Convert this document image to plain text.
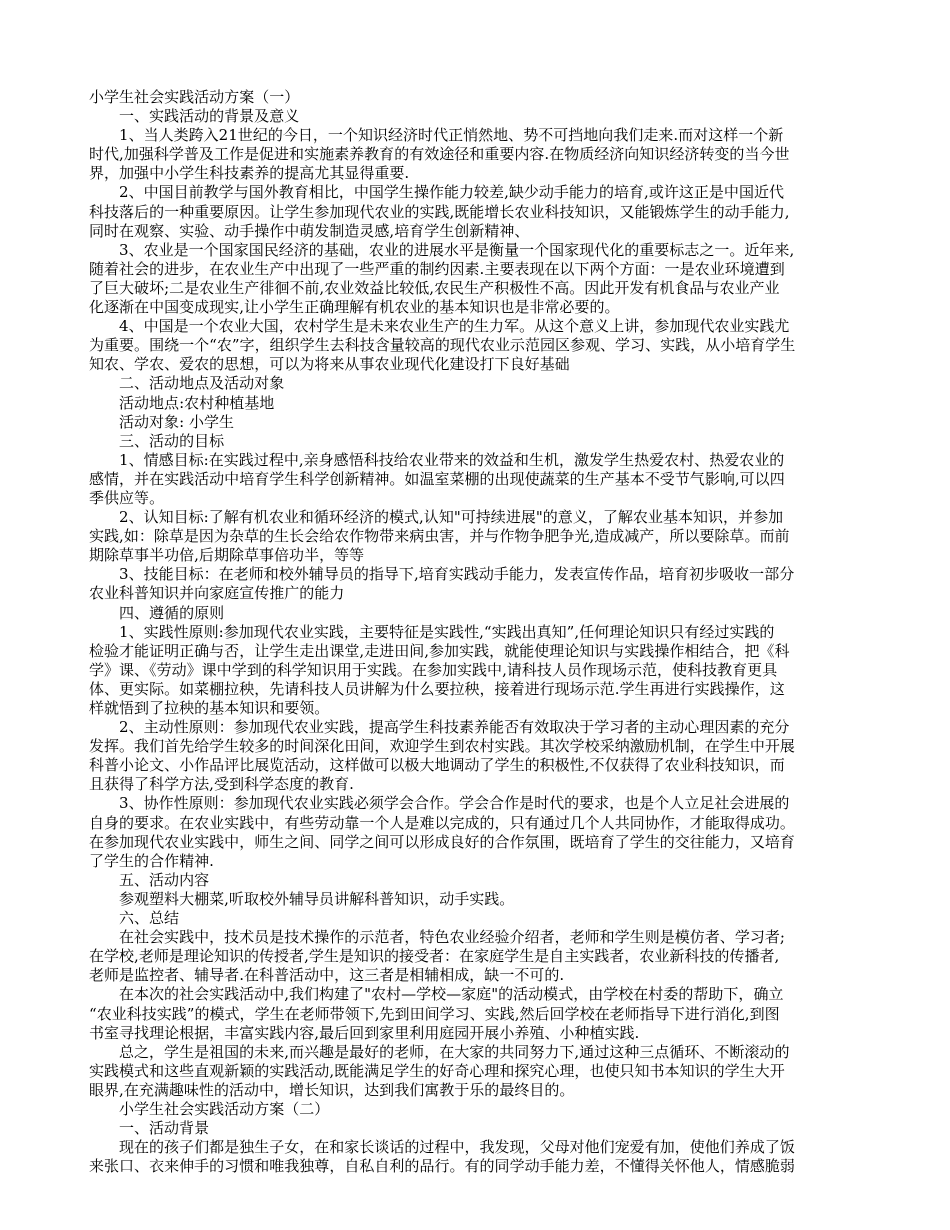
小学生社会实践活动方案（一）
一、实践活动的背景及意义
1、当人类跨入21世纪的今日，一个知识经济时代正悄然地、势不可挡地向我们走来.而对这样一个新
时代,加强科学普及工作是促进和实施素养教育的有效途径和重要内容.在物质经济向知识经济转变的当今世
界，加强中小学生科技素养的提高尤其显得重要.
2、中国目前教学与国外教育相比，中国学生操作能力较差,缺少动手能力的培育,或许这正是中国近代
科技落后的一种重要原因。让学生参加现代农业的实践,既能增长农业科技知识，又能锻炼学生的动手能力,
同时在观察、实验、动手操作中萌发制造灵感,培育学生创新精神、
3、农业是一个国家国民经济的基础，农业的进展水平是衡量一个国家现代化的重要标志之一。近年来,
随着社会的进步，在农业生产中出现了一些严重的制约因素.主要表现在以下两个方面：一是农业环境遭到
了巨大破坏;二是农业生产徘徊不前,农业效益比较低,农民生产积极性不高。因此开发有机食品与农业产业
化逐渐在中国变成现实,让小学生正确理解有机农业的基本知识也是非常必要的。
4、中国是一个农业大国，农村学生是未来农业生产的生力军。从这个意义上讲，参加现代农业实践尤
为重要。围绕一个“农”字，组织学生去科技含量较高的现代农业示范园区参观、学习、实践，从小培育学生
知农、学农、爱农的思想，可以为将来从事农业现代化建设打下良好基础
二、活动地点及活动对象
活动地点:农村种植基地
活动对象: 小学生
三、活动的目标
1、情感目标:在实践过程中,亲身感悟科技给农业带来的效益和生机，激发学生热爱农村、热爱农业的
感情，并在实践活动中培育学生科学创新精神。如温室菜棚的出现使蔬菜的生产基本不受节气影响,可以四
季供应等。
2、认知目标:了解有机农业和循环经济的模式,认知"可持续进展"的意义，了解农业基本知识，并参加
实践,如：除草是因为杂草的生长会给农作物带来病虫害，并与作物争肥争光,造成减产，所以要除草。而前
期除草事半功倍,后期除草事倍功半，等等
3、技能目标：在老师和校外辅导员的指导下,培育实践动手能力，发表宣传作品，培育初步吸收一部分
农业科普知识并向家庭宣传推广的能力
四、遵循的原则
1、实践性原则:参加现代农业实践，主要特征是实践性,“实践出真知”,任何理论知识只有经过实践的
检验才能证明正确与否，让学生走出课堂,走进田间,参加实践，就能使理论知识与实践操作相结合，把《科
学》课、《劳动》课中学到的科学知识用于实践。在参加实践中,请科技人员作现场示范，使科技教育更具
体、更实际。如菜棚拉秧，先请科技人员讲解为什么要拉秧，接着进行现场示范.学生再进行实践操作，这
样就悟到了拉秧的基本知识和要领。
2、主动性原则：参加现代农业实践，提高学生科技素养能否有效取决于学习者的主动心理因素的充分
发挥。我们首先给学生较多的时间深化田间，欢迎学生到农村实践。其次学校采纳激励机制，在学生中开展
科普小论文、小作品评比展览活动，这样做可以极大地调动了学生的积极性,不仅获得了农业科技知识，而
且获得了科学方法,受到科学态度的教育.
3、协作性原则：参加现代农业实践必须学会合作。学会合作是时代的要求，也是个人立足社会进展的
自身的要求。在农业实践中，有些劳动靠一个人是难以完成的，只有通过几个人共同协作，才能取得成功。
在参加现代农业实践中，师生之间、同学之间可以形成良好的合作氛围，既培育了学生的交往能力，又培育
了学生的合作精神.
五、活动内容
参观塑料大棚菜,听取校外辅导员讲解科普知识，动手实践。
六、总结
在社会实践中，技术员是技术操作的示范者，特色农业经验介绍者，老师和学生则是模仿者、学习者;
在学校,老师是理论知识的传授者,学生是知识的接受者：在家庭学生是自主实践者，农业新科技的传播者,
老师是监控者、辅导者.在科普活动中，这三者是相辅相成，缺一不可的.
在本次的社会实践活动中,我们构建了"农村—学校—家庭"的活动模式，由学校在村委的帮助下，确立
“农业科技实践”的模式，学生在老师带领下,先到田间学习、实践,然后回学校在老师指导下进行消化,到图
书室寻找理论根据，丰富实践内容,最后回到家里利用庭园开展小养殖、小种植实践.
总之，学生是祖国的未来,而兴趣是最好的老师，在大家的共同努力下,通过这种三点循环、不断滚动的
实践模式和这些直观新颖的实践活动,既能满足学生的好奇心理和探究心理，也使只知书本知识的学生大开
眼界,在充满趣味性的活动中，增长知识，达到我们寓教于乐的最终目的。
小学生社会实践活动方案（二）
一、活动背景
现在的孩子们都是独生子女，在和家长谈话的过程中，我发现，父母对他们宠爱有加，使他们养成了饭
来张口、衣来伸手的习惯和唯我独尊，自私自利的品行。有的同学动手能力差，不懂得关怀他人，情感脆弱
